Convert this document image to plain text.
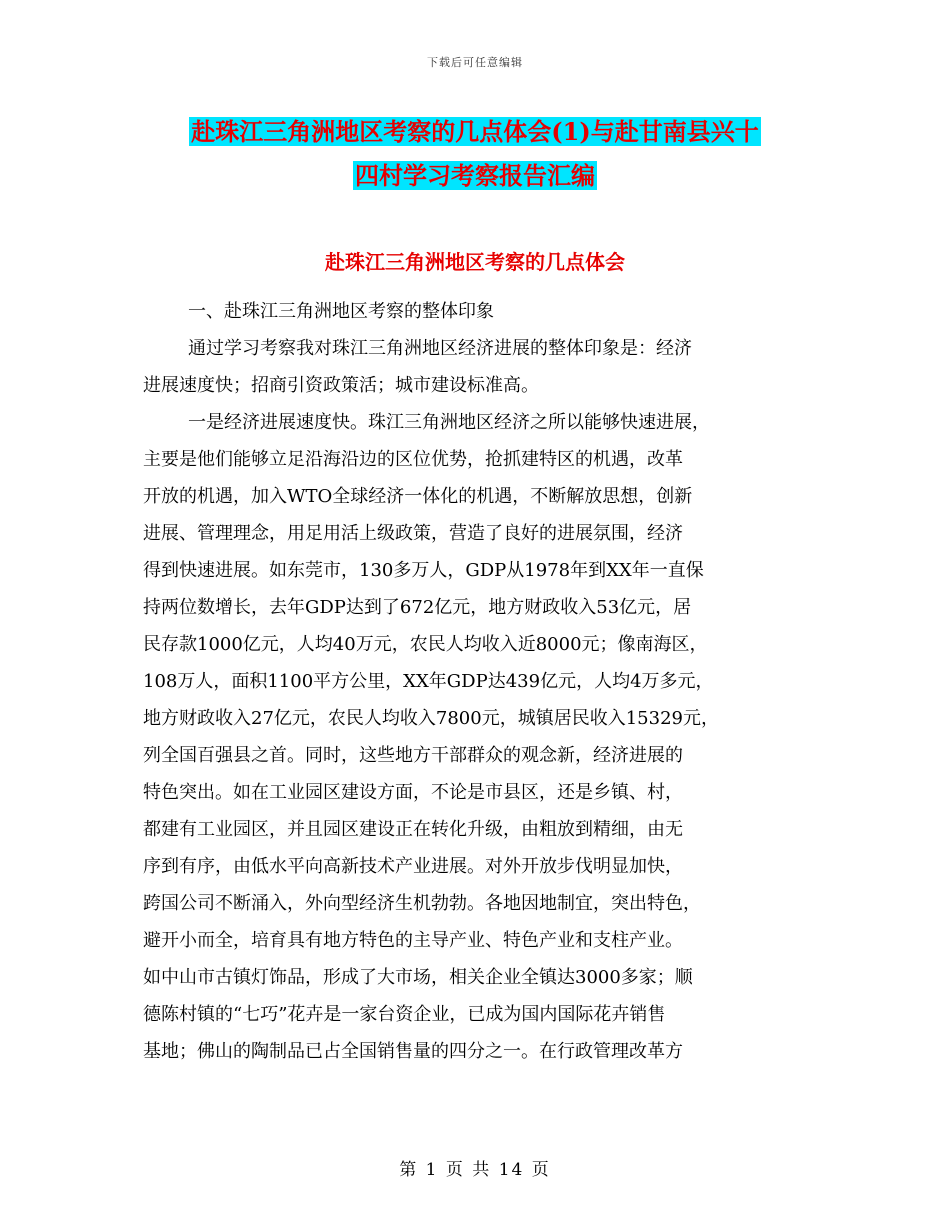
下载后可任意编辑
赴珠江三角洲地区考察的几点体会(1)与赴甘南县兴十
四村学习考察报告汇编
赴珠江三角洲地区考察的几点体会
一、赴珠江三角洲地区考察的整体印象
通过学习考察我对珠江三角洲地区经济进展的整体印象是：经济
进展速度快；招商引资政策活；城市建设标准高。
一是经济进展速度快。珠江三角洲地区经济之所以能够快速进展，
主要是他们能够立足沿海沿边的区位优势，抢抓建特区的机遇，改革
开放的机遇，加入WTO全球经济一体化的机遇，不断解放思想，创新
进展、管理理念，用足用活上级政策，营造了良好的进展氛围，经济
得到快速进展。如东莞市，130多万人，GDP从1978年到XX年一直保
持两位数增长，去年GDP达到了672亿元，地方财政收入53亿元，居
民存款1000亿元，人均40万元，农民人均收入近8000元；像南海区，
108万人，面积1100平方公里，XX年GDP达439亿元，人均4万多元，
地方财政收入27亿元，农民人均收入7800元，城镇居民收入15329元，
列全国百强县之首。同时，这些地方干部群众的观念新，经济进展的
特色突出。如在工业园区建设方面，不论是市县区，还是乡镇、村，
都建有工业园区，并且园区建设正在转化升级，由粗放到精细，由无
序到有序，由低水平向高新技术产业进展。对外开放步伐明显加快，
跨国公司不断涌入，外向型经济生机勃勃。各地因地制宜，突出特色，
避开小而全，培育具有地方特色的主导产业、特色产业和支柱产业。
如中山市古镇灯饰品，形成了大市场，相关企业全镇达3000多家；顺
德陈村镇的“七巧”花卉是一家台资企业，已成为国内国际花卉销售
基地；佛山的陶制品已占全国销售量的四分之一。在行政管理改革方
第 1 页 共 14 页
